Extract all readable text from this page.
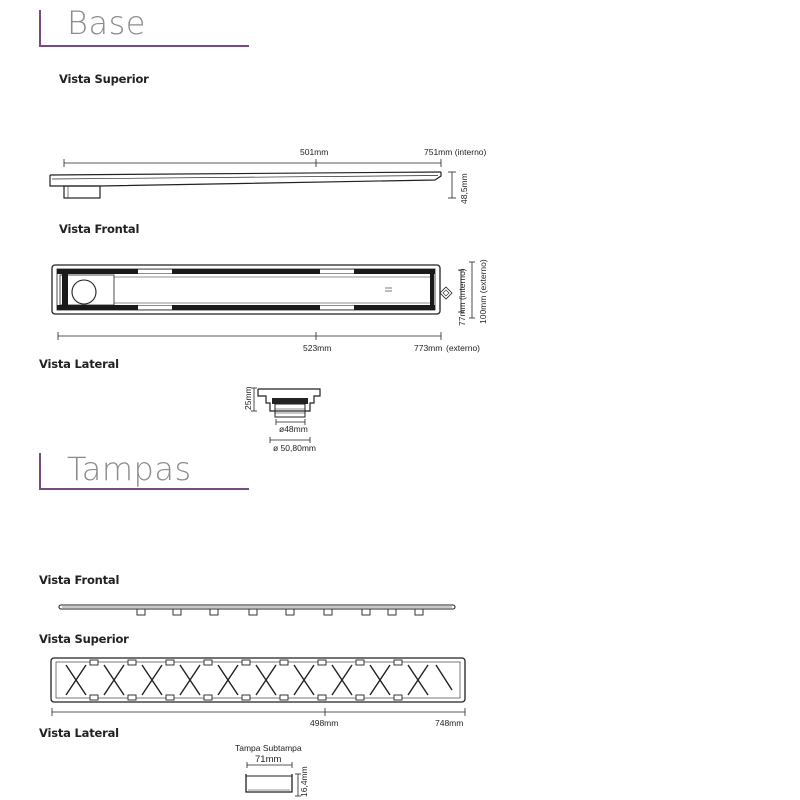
Base
Tampas
Vista Superior
Vista Frontal
Vista Lateral
Vista Frontal
Vista Superior
Vista Lateral
501mm	751mm (interno)
48,5mm
523mm	773mm (externo)
77mm (interno) 100mm (externo)
25mm
ø48mm
ø 50,80mm
498mm	748mm
Tampa Subtampa
71mm
16,4mm
